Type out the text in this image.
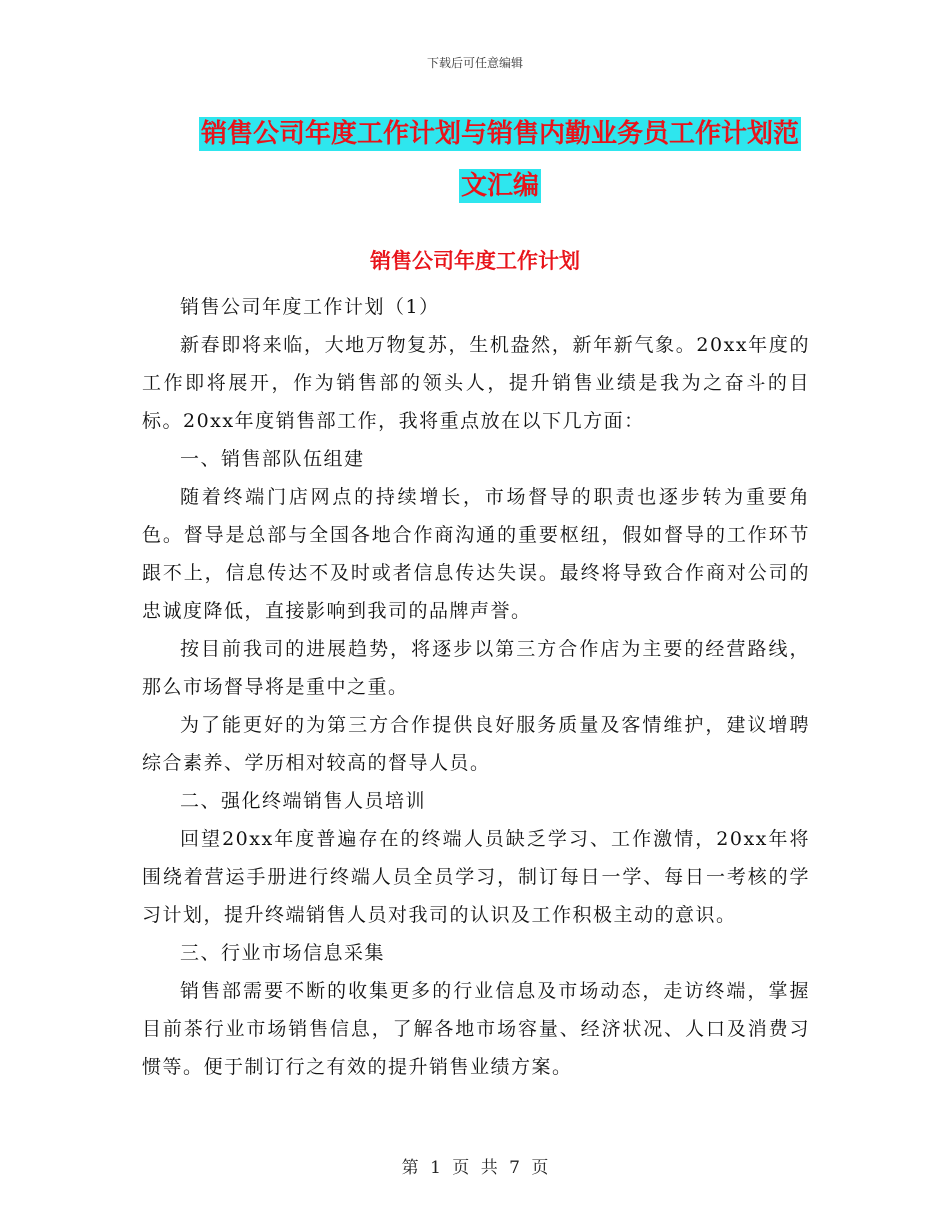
下载后可任意编辑
销售公司年度工作计划与销售内勤业务员工作计划范
文汇编
销售公司年度工作计划

销售公司年度工作计划（1）

新春即将来临，大地万物复苏，生机盎然，新年新气象。20xx年度的工作即将展开，作为销售部的领头人，提升销售业绩是我为之奋斗的目标。20xx年度销售部工作，我将重点放在以下几方面：

一、销售部队伍组建

随着终端门店网点的持续增长，市场督导的职责也逐步转为重要角色。督导是总部与全国各地合作商沟通的重要枢纽，假如督导的工作环节跟不上，信息传达不及时或者信息传达失误。最终将导致合作商对公司的忠诚度降低，直接影响到我司的品牌声誉。

按目前我司的进展趋势，将逐步以第三方合作店为主要的经营路线，那么市场督导将是重中之重。

为了能更好的为第三方合作提供良好服务质量及客情维护，建议增聘综合素养、学历相对较高的督导人员。

二、强化终端销售人员培训

回望20xx年度普遍存在的终端人员缺乏学习、工作激情，20xx年将围绕着营运手册进行终端人员全员学习，制订每日一学、每日一考核的学习计划，提升终端销售人员对我司的认识及工作积极主动的意识。

三、行业市场信息采集

销售部需要不断的收集更多的行业信息及市场动态，走访终端，掌握目前茶行业市场销售信息，了解各地市场容量、经济状况、人口及消费习惯等。便于制订行之有效的提升销售业绩方案。

第 1 页 共 7 页
